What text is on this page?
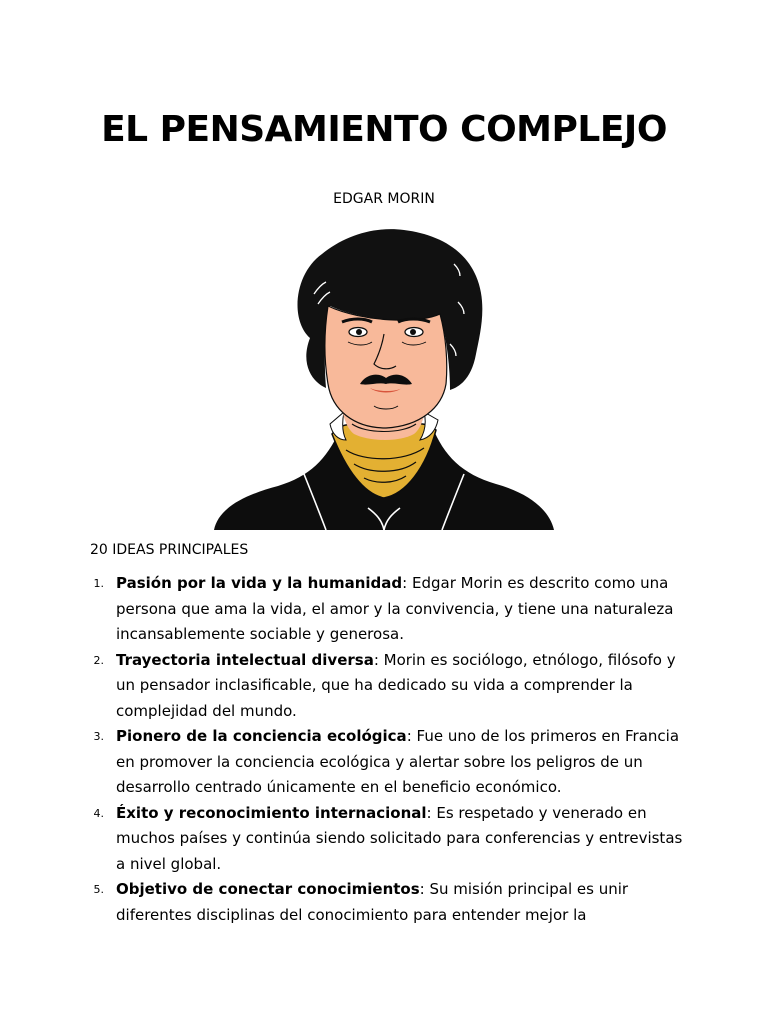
EL PENSAMIENTO COMPLEJO

EDGAR MORIN

20 IDEAS PRINCIPALES

1. Pasión por la vida y la humanidad: Edgar Morin es descrito como una persona que ama la vida, el amor y la convivencia, y tiene una naturaleza incansablemente sociable y generosa.
2. Trayectoria intelectual diversa: Morin es sociólogo, etnólogo, filósofo y un pensador inclasificable, que ha dedicado su vida a comprender la complejidad del mundo.
3. Pionero de la conciencia ecológica: Fue uno de los primeros en Francia en promover la conciencia ecológica y alertar sobre los peligros de un desarrollo centrado únicamente en el beneficio económico.
4. Éxito y reconocimiento internacional: Es respetado y venerado en muchos países y continúa siendo solicitado para conferencias y entrevistas a nivel global.
5. Objetivo de conectar conocimientos: Su misión principal es unir diferentes disciplinas del conocimiento para entender mejor la
